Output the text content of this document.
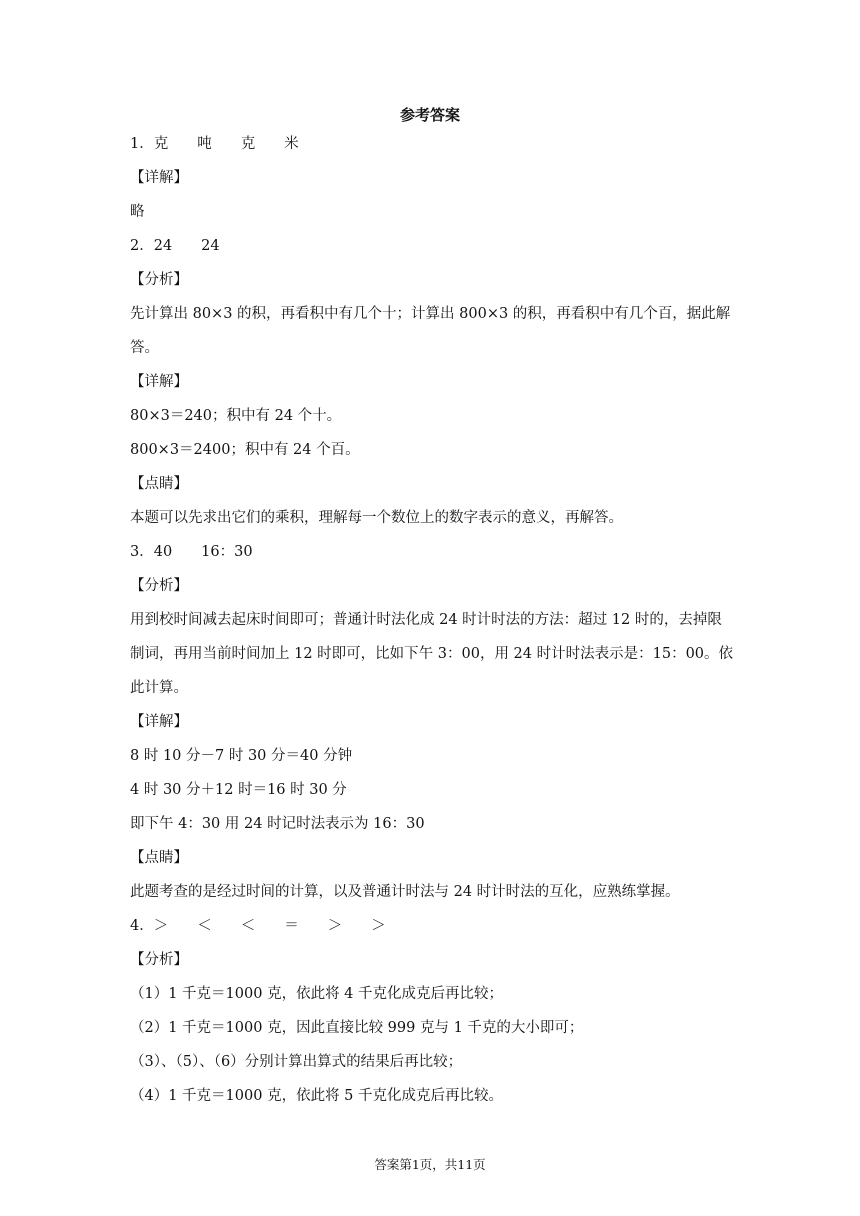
参考答案
1．克　　吨　　克　　米
【详解】
略
2．24　　24
【分析】
先计算出 80×3 的积，再看积中有几个十；计算出 800×3 的积，再看积中有几个百，据此解
答。
【详解】
80×3＝240；积中有 24 个十。
800×3＝2400；积中有 24 个百。
【点睛】
本题可以先求出它们的乘积，理解每一个数位上的数字表示的意义，再解答。
3．40　　16：30
【分析】
用到校时间减去起床时间即可；普通计时法化成 24 时计时法的方法：超过 12 时的，去掉限
制词，再用当前时间加上 12 时即可，比如下午 3：00，用 24 时计时法表示是：15：00。依
此计算。
【详解】
8 时 10 分－7 时 30 分＝40 分钟
4 时 30 分＋12 时＝16 时 30 分
即下午 4：30 用 24 时记时法表示为 16：30
【点睛】
此题考查的是经过时间的计算，以及普通计时法与 24 时计时法的互化，应熟练掌握。
4．＞　　＜　　＜　　＝　　＞　　＞
【分析】
（1）1 千克＝1000 克，依此将 4 千克化成克后再比较；
（2）1 千克＝1000 克，因此直接比较 999 克与 1 千克的大小即可；
（3）、（5）、（6）分别计算出算式的结果后再比较；
（4）1 千克＝1000 克，依此将 5 千克化成克后再比较。
答案第1页，共11页
